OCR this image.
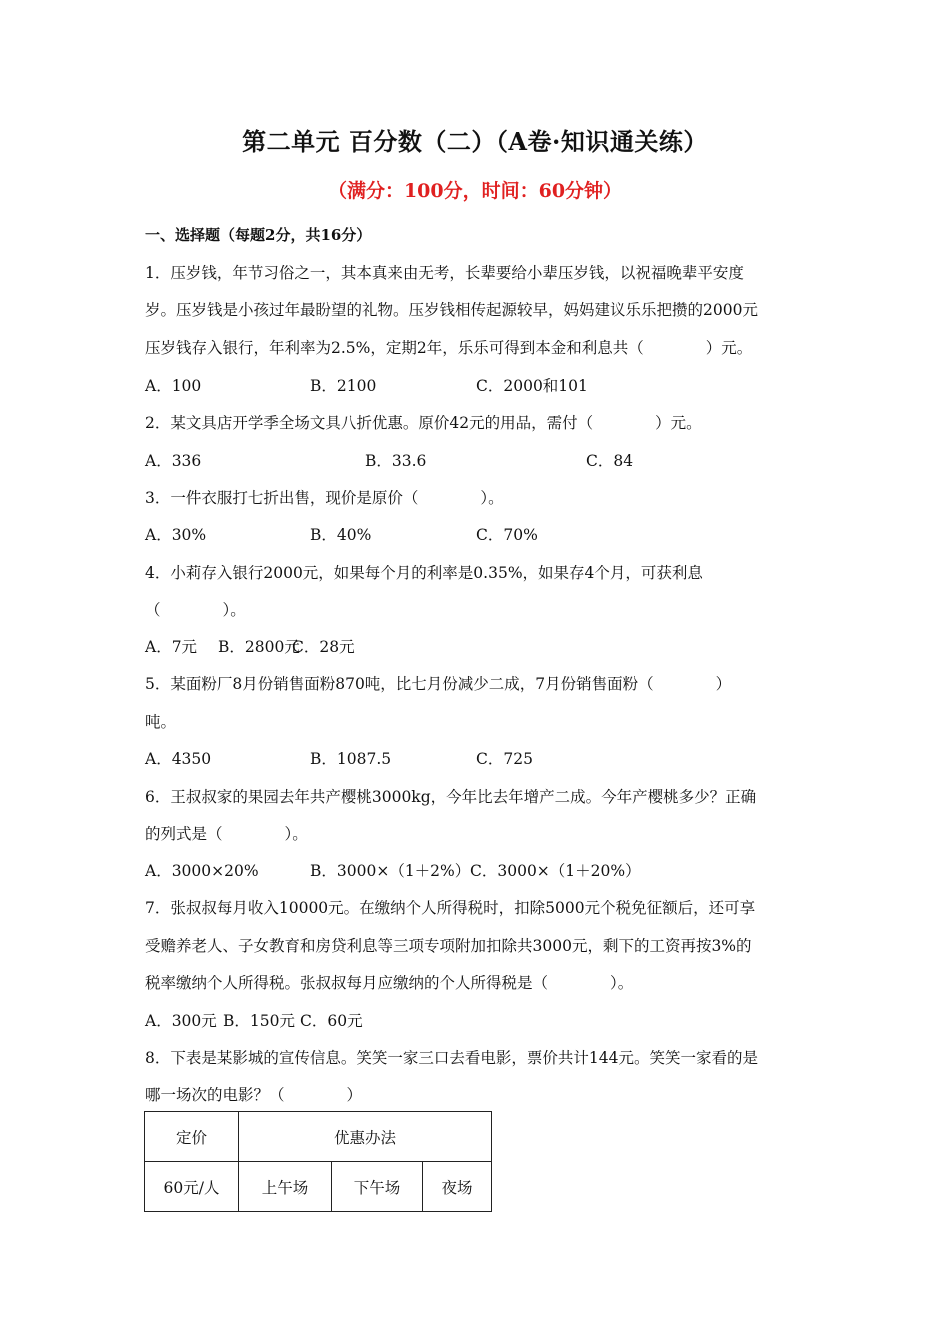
第二单元 百分数（二）（A卷·知识通关练）
（满分：100分，时间：60分钟）
一、选择题（每题2分，共16分）
1．压岁钱，年节习俗之一，其本真来由无考，长辈要给小辈压岁钱，以祝福晚辈平安度
岁。压岁钱是小孩过年最盼望的礼物。压岁钱相传起源较早，妈妈建议乐乐把攒的2000元
压岁钱存入银行，年利率为2.5%，定期2年，乐乐可得到本金和利息共（　　　　）元。
A．100	B．2100	C．2000和101
2．某文具店开学季全场文具八折优惠。原价42元的用品，需付（　　　　）元。
A．336	B．33.6	C．84
3．一件衣服打七折出售，现价是原价（　　　　）。
A．30%	B．40%	C．70%
4．小莉存入银行2000元，如果每个月的利率是0.35%，如果存4个月，可获利息
（　　　　）。
A．7元 B．2800元
C．28元
5．某面粉厂8月份销售面粉870吨，比七月份减少二成，7月份销售面粉（　　　　）
吨。
A．4350	B．1087.5	C．725
6．王叔叔家的果园去年共产樱桃3000kg，今年比去年增产二成。今年产樱桃多少？正确
的列式是（　　　　）。
A．3000×20%	B．3000×（1＋2%） C．3000×（1＋20%）
7．张叔叔每月收入10000元。在缴纳个人所得税时，扣除5000元个税免征额后，还可享
受赡养老人、子女教育和房贷利息等三项专项附加扣除共3000元，剩下的工资再按3%的
税率缴纳个人所得税。张叔叔每月应缴纳的个人所得税是（　　　　）。
A．300元 B．150元 C．60元
8．下表是某影城的宣传信息。笑笑一家三口去看电影，票价共计144元。笑笑一家看的是
哪一场次的电影？（　　　　）
定价	优惠办法		
60元/人	上午场	下午场	夜场
